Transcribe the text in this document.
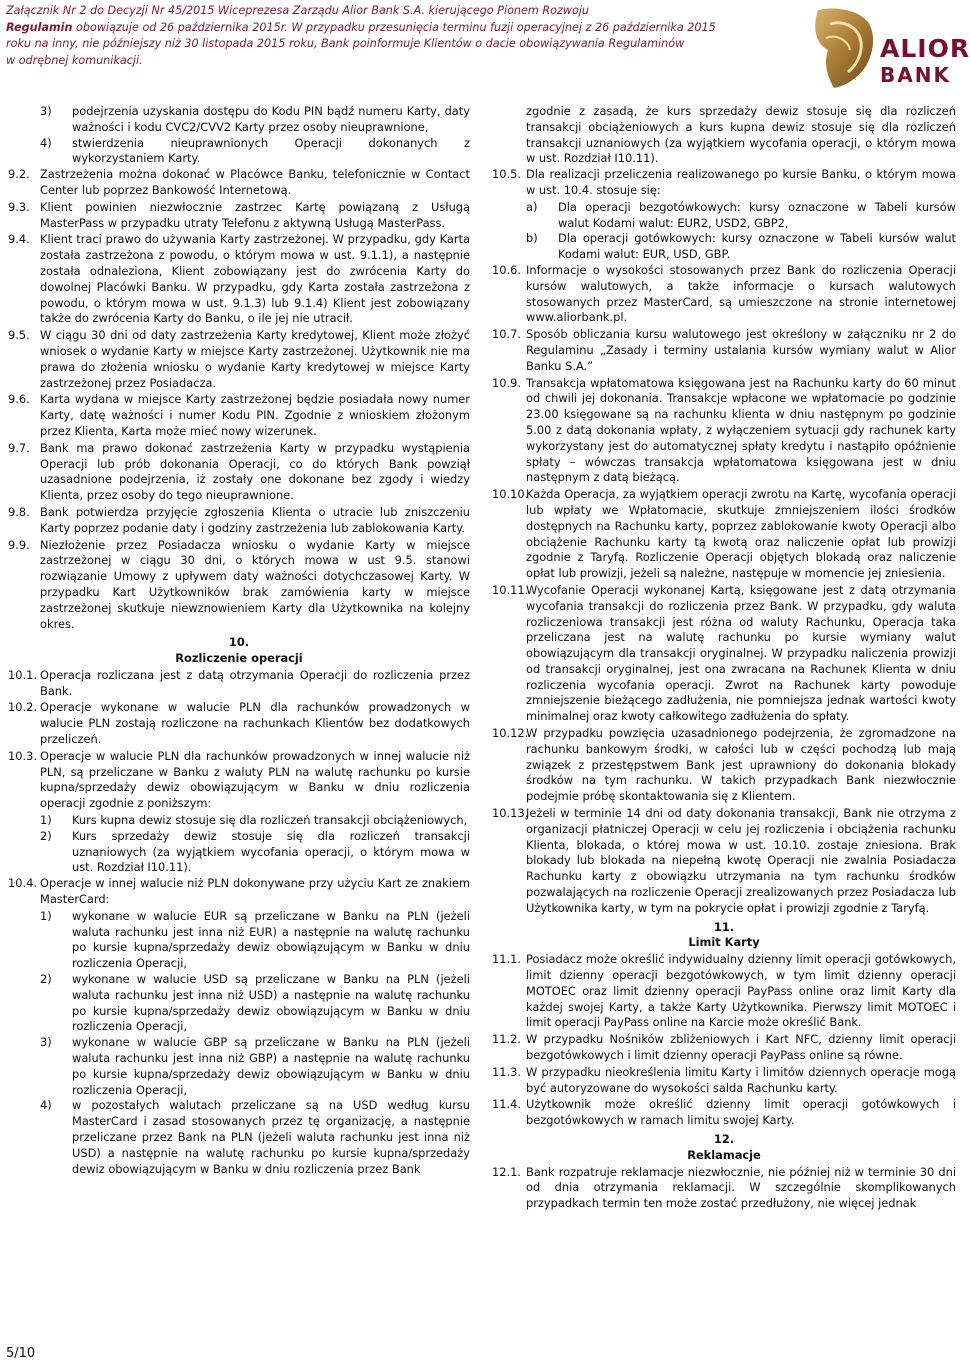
Załącznik Nr 2 do Decyzji Nr 45/2015 Wiceprezesa Zarządu Alior Bank S.A. kierującego Pionem Rozwoju
Regulamin obowiązuje od 26 października 2015r. W przypadku przesunięcia terminu fuzji operacyjnej z 26 października 2015
roku na inny, nie późniejszy niż 30 listopada 2015 roku, Bank poinformuje Klientów o dacie obowiązywania Regulaminów
w odrębnej komunikacji.	ALIOR
BANK
3)	podejrzenia uzyskania dostępu do Kodu PIN bądź numeru Karty, daty ważności i kodu CVC2/CVV2 Karty przez osoby nieuprawnione,
4)	stwierdzenia nieuprawnionych Operacji dokonanych z wykorzystaniem Karty.
9.2. Zastrzeżenia można dokonać w Placówce Banku, telefonicznie w Contact Center lub poprzez Bankowość Internetową.
9.3. Klient powinien niezwłocznie zastrzec Kartę powiązaną z Usługą MasterPass w przypadku utraty Telefonu z aktywną Usługą MasterPass.
9.4. Klient traci prawo do używania Karty zastrzeżonej. W przypadku, gdy Karta została zastrzeżona z powodu, o którym mowa w ust. 9.1.1), a następnie została odnaleziona, Klient zobowiązany jest do zwrócenia Karty do dowolnej Placówki Banku. W przypadku, gdy Karta została zastrzeżona z powodu, o którym mowa w ust. 9.1.3) lub 9.1.4) Klient jest zobowiązany także do zwrócenia Karty do Banku, o ile jej nie utracił.
9.5. W ciągu 30 dni od daty zastrzeżenia Karty kredytowej, Klient może złożyć wniosek o wydanie Karty w miejsce Karty zastrzeżonej. Użytkownik nie ma prawa do złożenia wniosku o wydanie Karty kredytowej w miejsce Karty zastrzeżonej przez Posiadacza.
9.6. Karta wydana w miejsce Karty zastrzeżonej będzie posiadała nowy numer Karty, datę ważności i numer Kodu PIN. Zgodnie z wnioskiem złożonym przez Klienta, Karta może mieć nowy wizerunek.
9.7. Bank ma prawo dokonać zastrzeżenia Karty w przypadku wystąpienia Operacji lub prób dokonania Operacji, co do których Bank powziął uzasadnione podejrzenia, iż zostały one dokonane bez zgody i wiedzy Klienta, przez osoby do tego nieuprawnione.
9.8. Bank potwierdza przyjęcie zgłoszenia Klienta o utracie lub zniszczeniu Karty poprzez podanie daty i godziny zastrzeżenia lub zablokowania Karty.
9.9. Niezłożenie przez Posiadacza wniosku o wydanie Karty w miejsce zastrzeżonej w ciągu 30 dni, o których mowa w ust 9.5. stanowi rozwiązanie Umowy z upływem daty ważności dotychczasowej Karty. W przypadku Kart Użytkowników brak zamówienia karty w miejsce zastrzeżonej skutkuje niewznowieniem Karty dla Użytkownika na kolejny okres.
10.
Rozliczenie operacji
10.1. Operacja rozliczana jest z datą otrzymania Operacji do rozliczenia przez Bank.
10.2. Operacje wykonane w walucie PLN dla rachunków prowadzonych w walucie PLN zostają rozliczone na rachunkach Klientów bez dodatkowych przeliczeń.
10.3. Operacje w walucie PLN dla rachunków prowadzonych w innej walucie niż PLN, są przeliczane w Banku z waluty PLN na walutę rachunku po kursie kupna/sprzedaży dewiz obowiązującym w Banku w dniu rozliczenia operacji zgodnie z poniższym:
1)	Kurs kupna dewiz stosuje się dla rozliczeń transakcji obciążeniowych,
2)	Kurs sprzedaży dewiz stosuje się dla rozliczeń transakcji uznaniowych (za wyjątkiem wycofania operacji, o którym mowa w ust. Rozdział I10.11).
10.4. Operacje w innej walucie niż PLN dokonywane przy użyciu Kart ze znakiem MasterCard:
1)	wykonane w walucie EUR są przeliczane w Banku na PLN (jeżeli waluta rachunku jest inna niż EUR) a następnie na walutę rachunku po kursie kupna/sprzedaży dewiz obowiązującym w Banku w dniu rozliczenia Operacji,
2)	wykonane w walucie USD są przeliczane w Banku na PLN (jeżeli waluta rachunku jest inna niż USD) a następnie na walutę rachunku po kursie kupna/sprzedaży dewiz obowiązującym w Banku w dniu rozliczenia Operacji,
3)	wykonane w walucie GBP są przeliczane w Banku na PLN (jeżeli waluta rachunku jest inna niż GBP) a następnie na walutę rachunku po kursie kupna/sprzedaży dewiz obowiązującym w Banku w dniu rozliczenia Operacji,
4)	w pozostałych walutach przeliczane są na USD według kursu MasterCard i zasad stosowanych przez tę organizację, a następnie przeliczane przez Bank na PLN (jeżeli waluta rachunku jest inna niż USD) a następnie na walutę rachunku po kursie kupna/sprzedaży dewiz obowiązującym w Banku w dniu rozliczenia przez Bank
zgodnie z zasadą, że kurs sprzedaży dewiz stosuje się dla rozliczeń transakcji obciążeniowych a kurs kupna dewiz stosuje się dla rozliczeń transakcji uznaniowych (za wyjątkiem wycofania operacji, o którym mowa w ust. Rozdział I10.11).
10.5. Dla realizacji przeliczenia realizowanego po kursie Banku, o którym mowa w ust. 10.4. stosuje się:
a)	Dla operacji bezgotówkowych: kursy oznaczone w Tabeli kursów walut Kodami walut: EUR2, USD2, GBP2,
b)	Dla operacji gotówkowych: kursy oznaczone w Tabeli kursów walut Kodami walut: EUR, USD, GBP.
10.6. Informacje o wysokości stosowanych przez Bank do rozliczenia Operacji kursów walutowych, a także informacje o kursach walutowych stosowanych przez MasterCard, są umieszczone na stronie internetowej www.aliorbank.pl.
10.7. Sposób obliczania kursu walutowego jest określony w załączniku nr 2 do Regulaminu „Zasady i terminy ustalania kursów wymiany walut w Alior Banku S.A.”
10.9. Transakcja wpłatomatowa księgowana jest na Rachunku karty do 60 minut od chwili jej dokonania. Transakcje wpłacone we wpłatomacie po godzinie 23.00 księgowane są na rachunku klienta w dniu następnym po godzinie 5.00 z datą dokonania wpłaty, z wyłączeniem sytuacji gdy rachunek karty wykorzystany jest do automatycznej spłaty kredytu i nastąpiło opóźnienie spłaty – wówczas transakcja wpłatomatowa księgowana jest w dniu następnym z datą bieżącą.
10.10.
Każda Operacja, za wyjątkiem operacji zwrotu na Kartę, wycofania operacji lub wpłaty we Wpłatomacie, skutkuje zmniejszeniem ilości środków dostępnych na Rachunku karty, poprzez zablokowanie kwoty Operacji albo obciążenie Rachunku karty tą kwotą oraz naliczenie opłat lub prowizji zgodnie z Taryfą. Rozliczenie Operacji objętych blokadą oraz naliczenie opłat lub prowizji, jeżeli są należne, następuje w momencie jej zniesienia.
10.11.
Wycofanie Operacji wykonanej Kartą, księgowane jest z datą otrzymania wycofania transakcji do rozliczenia przez Bank. W przypadku, gdy waluta rozliczeniowa transakcji jest różna od waluty Rachunku, Operacja taka przeliczana jest na walutę rachunku po kursie wymiany walut obowiązującym dla transakcji oryginalnej. W przypadku naliczenia prowizji od transakcji oryginalnej, jest ona zwracana na Rachunek Klienta w dniu rozliczenia wycofania operacji. Zwrot na Rachunek karty powoduje zmniejszenie bieżącego zadłużenia, nie pomniejsza jednak wartości kwoty minimalnej oraz kwoty całkowitego zadłużenia do spłaty.
10.12.
W przypadku powzięcia uzasadnionego podejrzenia, że zgromadzone na rachunku bankowym środki, w całości lub w części pochodzą lub mają związek z przestępstwem Bank jest uprawniony do dokonania blokady środków na tym rachunku. W takich przypadkach Bank niezwłocznie podejmie próbę skontaktowania się z Klientem.
10.13.
Jeżeli w terminie 14 dni od daty dokonania transakcji, Bank nie otrzyma z organizacji płatniczej Operacji w celu jej rozliczenia i obciążenia rachunku Klienta, blokada, o której mowa w ust. 10.10. zostaje zniesiona. Brak blokady lub blokada na niepełną kwotę Operacji nie zwalnia Posiadacza Rachunku karty z obowiązku utrzymania na tym rachunku środków pozwalających na rozliczenie Operacji zrealizowanych przez Posiadacza lub Użytkownika karty, w tym na pokrycie opłat i prowizji zgodnie z Taryfą.
11.
Limit Karty
11.1. Posiadacz może określić indywidualny dzienny limit operacji gotówkowych, limit dzienny operacji bezgotówkowych, w tym limit dzienny operacji MOTOEC oraz limit dzienny operacji PayPass online oraz limit Karty dla każdej swojej Karty, a także Karty Użytkownika. Pierwszy limit MOTOEC i limit operacji PayPass online na Karcie może określić Bank.
11.2. W przypadku Nośników zbliżeniowych i Kart NFC, dzienny limit operacji bezgotówkowych i limit dzienny operacji PayPass online są równe.
11.3. W przypadku nieokreślenia limitu Karty i limitów dziennych operacje mogą być autoryzowane do wysokości salda Rachunku karty.
11.4. Użytkownik może określić dzienny limit operacji gotówkowych i bezgotówkowych w ramach limitu swojej Karty.
12.
Reklamacje
12.1. Bank rozpatruje reklamacje niezwłocznie, nie później niż w terminie 30 dni od dnia otrzymania reklamacji. W szczególnie skomplikowanych przypadkach termin ten może zostać przedłużony, nie więcej jednak
5/10
